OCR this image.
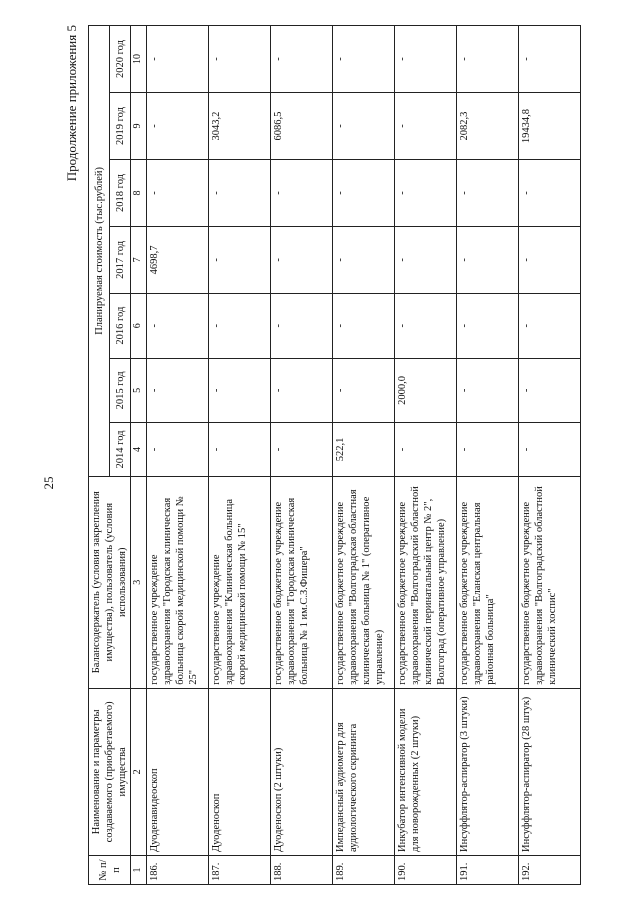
25
Продолжение приложения 5
№ п/п	Наименование и параметры создаваемого (приобретаемого) имущества	Балансодержатель (условия закрепления имущества), пользователь (условия использования)	Планируемая стоимость (тыс.рублей)						
			2014 год	2015 год	2016 год	2017 год	2018 год	2019 год	2020 год
1	2	3	4	5	6	7	8	9	10
186.	Дуоденавидеоскоп	государственное учреждение здравоохранения "Городская клиническая больница скорой медицинской помощи № 25"	-	-	-	4698,7	-	-	-
187.	Дуоденоскоп	государственное учреждение здравоохранения "Клиническая больница скорой медицинской помощи № 15"	-	-	-	-	-	3043,2	-
188.	Дуоденоскоп (2 штуки)	государственное бюджетное учреждение здравоохранения "Городская клиническая больница № 1 им.С.З.Фишера"	-	-	-	-	-	6086,5	-
189.	Импедансный аудиометр для аудиологического скрининга	государственное бюджетное учреждение здравоохранения "Волгоградская областная клиническая больница № 1" (оперативное управление)	522,1	-	-	-	-	-	-
190.	Инкубатор интенсивной модели для новорожденных (2 штуки)	государственное бюджетное учреждение здравоохранения "Волгоградский областной клинический перинатальный центр № 2", Волгоград (оперативное управление)	-	2000,0	-	-	-	-	-
191.	Инсуффлятор-аспиратор (3 штуки)	государственное бюджетное учреждение здравоохранения "Еланская центральная районная больница"	-	-	-	-	-	2082,3	-
192.	Инсуффлятор-аспиратор (28 штук)	государственное бюджетное учреждение здравоохранения "Волгоградский областной клинический хоспис"	-	-	-	-	-	19434,8	-
